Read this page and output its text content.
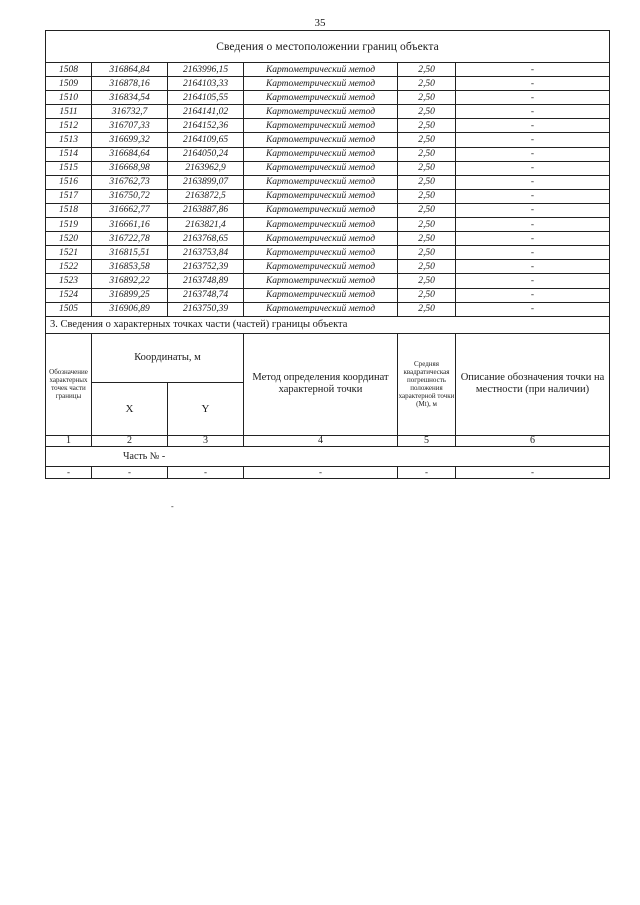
35
Сведения о местоположении границ объекта					
1508	316864,84	2163996,15	Картометрический метод	2,50	-
1509	316878,16	2164103,33	Картометрический метод	2,50	-
1510	316834,54	2164105,55	Картометрический метод	2,50	-
1511	316732,7	2164141,02	Картометрический метод	2,50	-
1512	316707,33	2164152,36	Картометрический метод	2,50	-
1513	316699,32	2164109,65	Картометрический метод	2,50	-
1514	316684,64	2164050,24	Картометрический метод	2,50	-
1515	316668,98	2163962,9	Картометрический метод	2,50	-
1516	316762,73	2163899,07	Картометрический метод	2,50	-
1517	316750,72	2163872,5	Картометрический метод	2,50	-
1518	316662,77	2163887,86	Картометрический метод	2,50	-
1519	316661,16	2163821,4	Картометрический метод	2,50	-
1520	316722,78	2163768,65	Картометрический метод	2,50	-
1521	316815,51	2163753,84	Картометрический метод	2,50	-
1522	316853,58	2163752,39	Картометрический метод	2,50	-
1523	316892,22	2163748,89	Картометрический метод	2,50	-
1524	316899,25	2163748,74	Картометрический метод	2,50	-
1505	316906,89	2163750,39	Картометрический метод	2,50	-
3. Сведения о характерных точках части (частей) границы объекта					
Обозначение характерных точек части границы	Координаты, м		Метод определения координат характерной точки	Средняя квадратическая погрешность положения характерной точки (Mt), м	Описание обозначения точки на местности (при наличии)
	X	Y			
1	2	3	4	5	6
Часть № -					
-	-	-	-	-	-
-
